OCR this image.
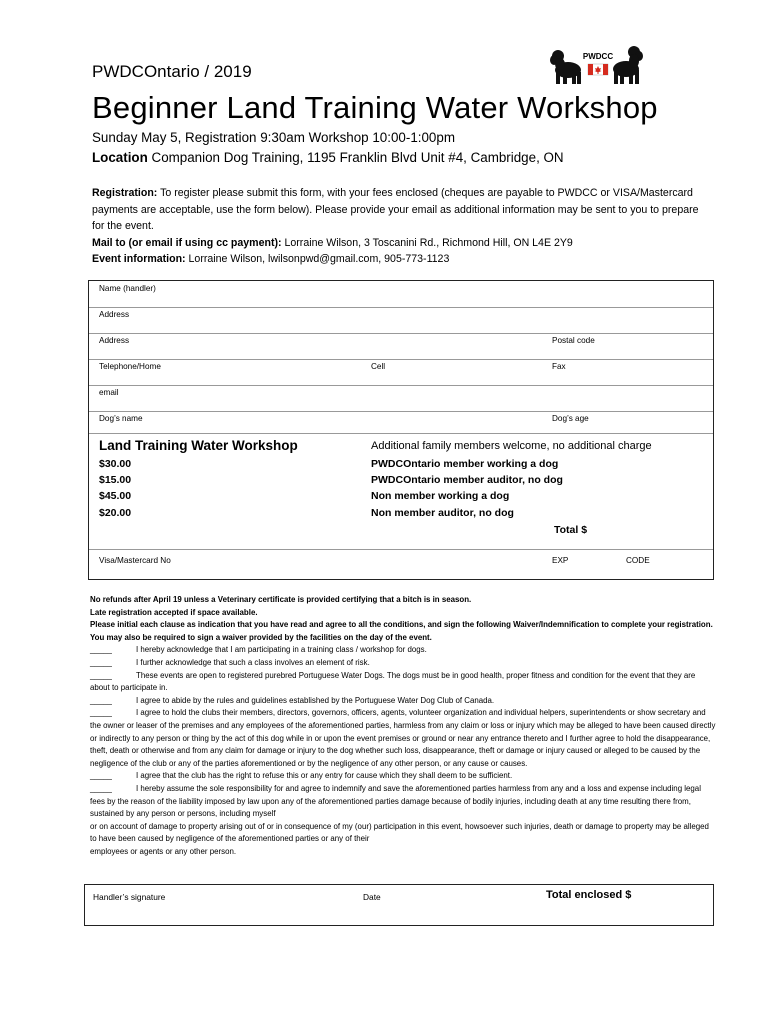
PWDCOntario / 2019
PWDCC
Beginner Land Training Water Workshop
Sunday May 5, Registration 9:30am Workshop 10:00-1:00pm
Location Companion Dog Training, 1195 Franklin Blvd Unit #4, Cambridge, ON
Registration: To register please submit this form, with your fees enclosed (cheques are payable to PWDCC or VISA/Mastercard payments are acceptable, use the form below). Please provide your email as additional information may be sent to you to prepare for the event.
Mail to (or email if using cc payment): Lorraine Wilson, 3 Toscanini Rd., Richmond Hill, ON L4E 2Y9
Event information: Lorraine Wilson, lwilsonpwd@gmail.com, 905-773-1123
Name (handler)
Address
Address	Postal code
Telephone/Home	Cell	Fax
email
Dog’s name	Dog’s age
Land Training Water Workshop	Additional family members welcome, no additional charge
$30.00	PWDCOntario member working a dog
$15.00	PWDCOntario member auditor, no dog
$45.00	Non member working a dog
$20.00	Non member auditor, no dog
Total $
Visa/Mastercard No	EXP	CODE
No refunds after April 19 unless a Veterinary certificate is provided certifying that a bitch is in season.
Late registration accepted if space available.
Please initial each clause as indication that you have read and agree to all the conditions, and sign the following Waiver/Indemnification to complete your registration. You may also be required to sign a waiver provided by the facilities on the day of the event.
_____	I hereby acknowledge that I am participating in a training class / workshop for dogs.
_____	I further acknowledge that such a class involves an element of risk.
_____	These events are open to registered purebred Portuguese Water Dogs. The dogs must be in good health, proper fitness and condition for the event that they are about to participate in.
_____	I agree to abide by the rules and guidelines established by the Portuguese Water Dog Club of Canada.
_____	I agree to hold the clubs their members, directors, governors, officers, agents, volunteer organization and individual helpers, superintendents or show secretary and the owner or leaser of the premises and any employees of the aforementioned parties, harmless from any claim or loss or injury which may be alleged to have been caused directly or indirectly to any person or thing by the act of this dog while in or upon the event premises or ground or near any entrance thereto and I further agree to hold the disappearance, theft, death or otherwise and from any claim for damage or injury to the dog whether such loss, disappearance, theft or damage or injury caused or alleged to be caused by the negligence of the club or any of the parties aforementioned or by the negligence of any other person, or any cause or causes.
_____	I agree that the club has the right to refuse this or any entry for cause which they shall deem to be sufficient.
_____	I hereby assume the sole responsibility for and agree to indemnify and save the aforementioned parties harmless from any and a loss and expense including legal fees by the reason of the liability imposed by law upon any of the aforementioned parties damage because of bodily injuries, including death at any time resulting there from, sustained by any person or persons, including myself
or on account of damage to property arising out of or in consequence of my (our) participation in this event, howsoever such injuries, death or damage to property may be alleged to have been caused by negligence of the aforementioned parties or any of their
employees or agents or any other person.
Handler’s signature	Date	Total enclosed $
